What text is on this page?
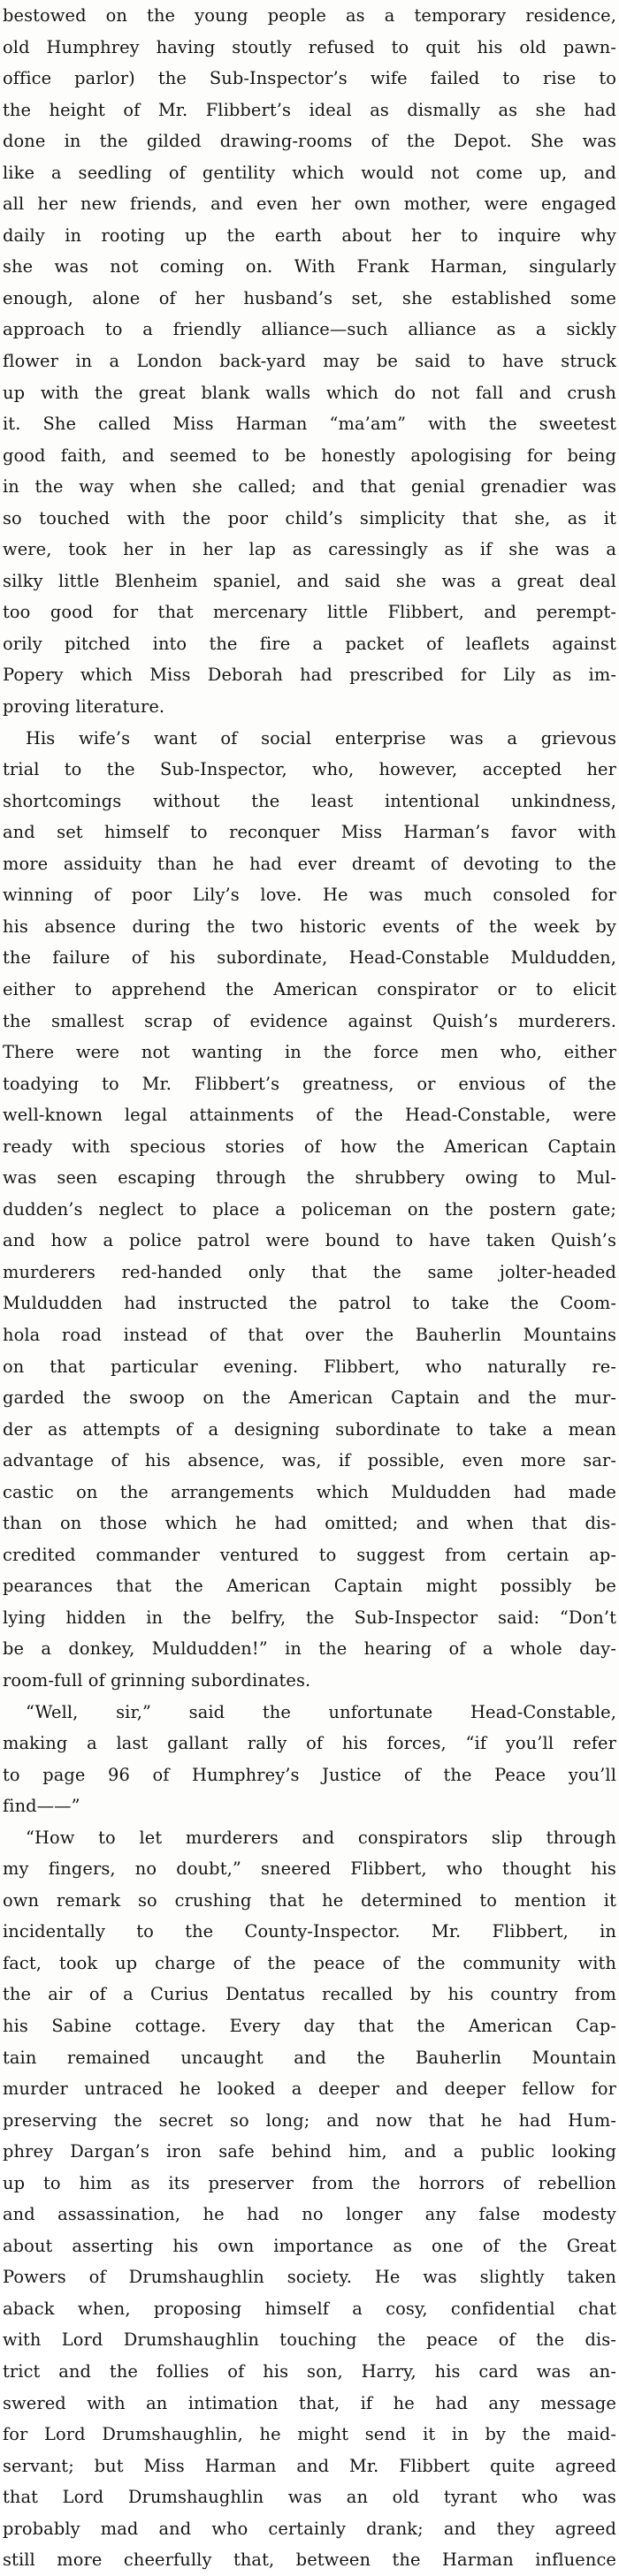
bestowed on the young people as a temporary residence,
old Humphrey having stoutly refused to quit his old pawn-
office parlor) the Sub-Inspector’s wife failed to rise to
the height of Mr. Flibbert’s ideal as dismally as she had
done in the gilded drawing-rooms of the Depot. She was
like a seedling of gentility which would not come up, and
all her new friends, and even her own mother, were engaged
daily in rooting up the earth about her to inquire why
she was not coming on. With Frank Harman, singularly
enough, alone of her husband’s set, she established some
approach to a friendly alliance—such alliance as a sickly
flower in a London back-yard may be said to have struck
up with the great blank walls which do not fall and crush
it. She called Miss Harman “ma’am” with the sweetest
good faith, and seemed to be honestly apologising for being
in the way when she called; and that genial grenadier was
so touched with the poor child’s simplicity that she, as it
were, took her in her lap as caressingly as if she was a
silky little Blenheim spaniel, and said she was a great deal
too good for that mercenary little Flibbert, and perempt-
orily pitched into the fire a packet of leaflets against
Popery which Miss Deborah had prescribed for Lily as im-
proving literature.
His wife’s want of social enterprise was a grievous
trial to the Sub-Inspector, who, however, accepted her
shortcomings without the least intentional unkindness,
and set himself to reconquer Miss Harman’s favor with
more assiduity than he had ever dreamt of devoting to the
winning of poor Lily’s love. He was much consoled for
his absence during the two historic events of the week by
the failure of his subordinate, Head-Constable Muldudden,
either to apprehend the American conspirator or to elicit
the smallest scrap of evidence against Quish’s murderers.
There were not wanting in the force men who, either
toadying to Mr. Flibbert’s greatness, or envious of the
well-known legal attainments of the Head-Constable, were
ready with specious stories of how the American Captain
was seen escaping through the shrubbery owing to Mul-
dudden’s neglect to place a policeman on the postern gate;
and how a police patrol were bound to have taken Quish’s
murderers red-handed only that the same jolter-headed
Muldudden had instructed the patrol to take the Coom-
hola road instead of that over the Bauherlin Mountains
on that particular evening. Flibbert, who naturally re-
garded the swoop on the American Captain and the mur-
der as attempts of a designing subordinate to take a mean
advantage of his absence, was, if possible, even more sar-
castic on the arrangements which Muldudden had made
than on those which he had omitted; and when that dis-
credited commander ventured to suggest from certain ap-
pearances that the American Captain might possibly be
lying hidden in the belfry, the Sub-Inspector said: “Don’t
be a donkey, Muldudden!” in the hearing of a whole day-
room-full of grinning subordinates.
“Well, sir,” said the unfortunate Head-Constable,
making a last gallant rally of his forces, “if you’ll refer
to page 96 of Humphrey’s Justice of the Peace you’ll
find——”
“How to let murderers and conspirators slip through
my fingers, no doubt,” sneered Flibbert, who thought his
own remark so crushing that he determined to mention it
incidentally to the County-Inspector. Mr. Flibbert, in
fact, took up charge of the peace of the community with
the air of a Curius Dentatus recalled by his country from
his Sabine cottage. Every day that the American Cap-
tain remained uncaught and the Bauherlin Mountain
murder untraced he looked a deeper and deeper fellow for
preserving the secret so long; and now that he had Hum-
phrey Dargan’s iron safe behind him, and a public looking
up to him as its preserver from the horrors of rebellion
and assassination, he had no longer any false modesty
about asserting his own importance as one of the Great
Powers of Drumshaughlin society. He was slightly taken
aback when, proposing himself a cosy, confidential chat
with Lord Drumshaughlin touching the peace of the dis-
trict and the follies of his son, Harry, his card was an-
swered with an intimation that, if he had any message
for Lord Drumshaughlin, he might send it in by the maid-
servant; but Miss Harman and Mr. Flibbert quite agreed
that Lord Drumshaughlin was an old tyrant who was
probably mad and who certainly drank; and they agreed
still more cheerfully that, between the Harman influence
